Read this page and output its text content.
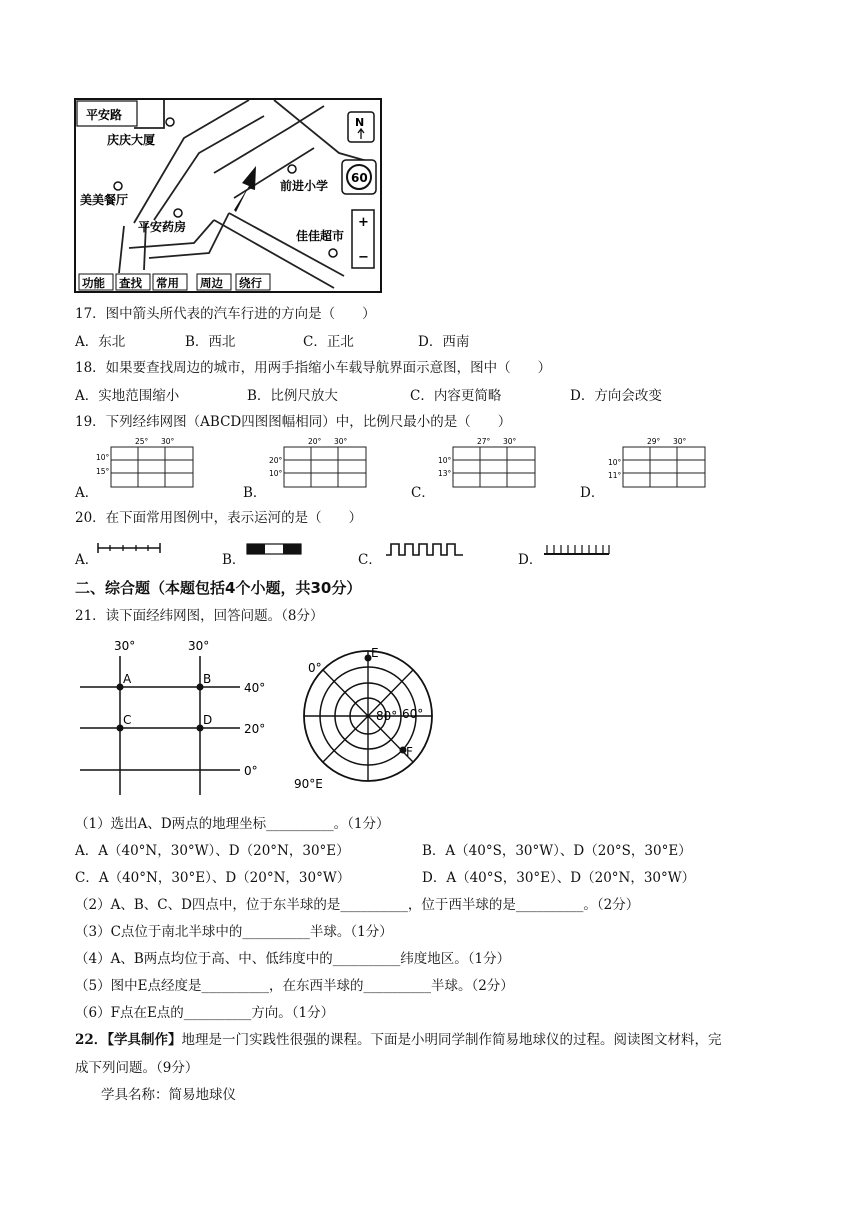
平安路
庆庆大厦
美美餐厅
平安药房
前进小学
佳佳超市
N
60
+
−
功能 查找 常用 周边 绕行
17．图中箭头所代表的汽车行进的方向是（　　）
A．东北	B．西北	C．正北	D．西南
18．如果要查找周边的城市，用两手指缩小车载导航界面示意图，图中（　　）
A．实地范围缩小	B．比例尺放大	C．内容更简略	D．方向会改变
19．下列经纬网图（ABCD四图图幅相同）中，比例尺最小的是（　　）
A．
25° 30°
10°
15°
B．
20° 30°
20°
10°
C．
27° 30°
10°
13°
D．
29° 30°
10°
11°
20．在下面常用图例中，表示运河的是（　　）
A．	B．	C．	D．
二、综合题（本题包括4个小题，共30分）
21．读下面经纬网图，回答问题。（8分）
30°	30°
40°
20°
0°
A	B
C	D
E
F
0°
80° 60°
90°E
（1）选出A、D两点的地理坐标__________。（1分）
A．A（40°N，30°W）、D（20°N，30°E）	B．A（40°S，30°W）、D（20°S，30°E）
C．A（40°N，30°E）、D（20°N，30°W）	D．A（40°S，30°E）、D（20°N，30°W）
（2）A、B、C、D四点中，位于东半球的是__________，位于西半球的是__________。（2分）
（3）C点位于南北半球中的__________半球。（1分）
（4）A、B两点均位于高、中、低纬度中的__________纬度地区。（1分）
（5）图中E点经度是__________，在东西半球的__________半球。（2分）
（6）F点在E点的__________方向。（1分）
22．【学具制作】地理是一门实践性很强的课程。下面是小明同学制作简易地球仪的过程。阅读图文材料，完
成下列问题。（9分）
学具名称：简易地球仪
